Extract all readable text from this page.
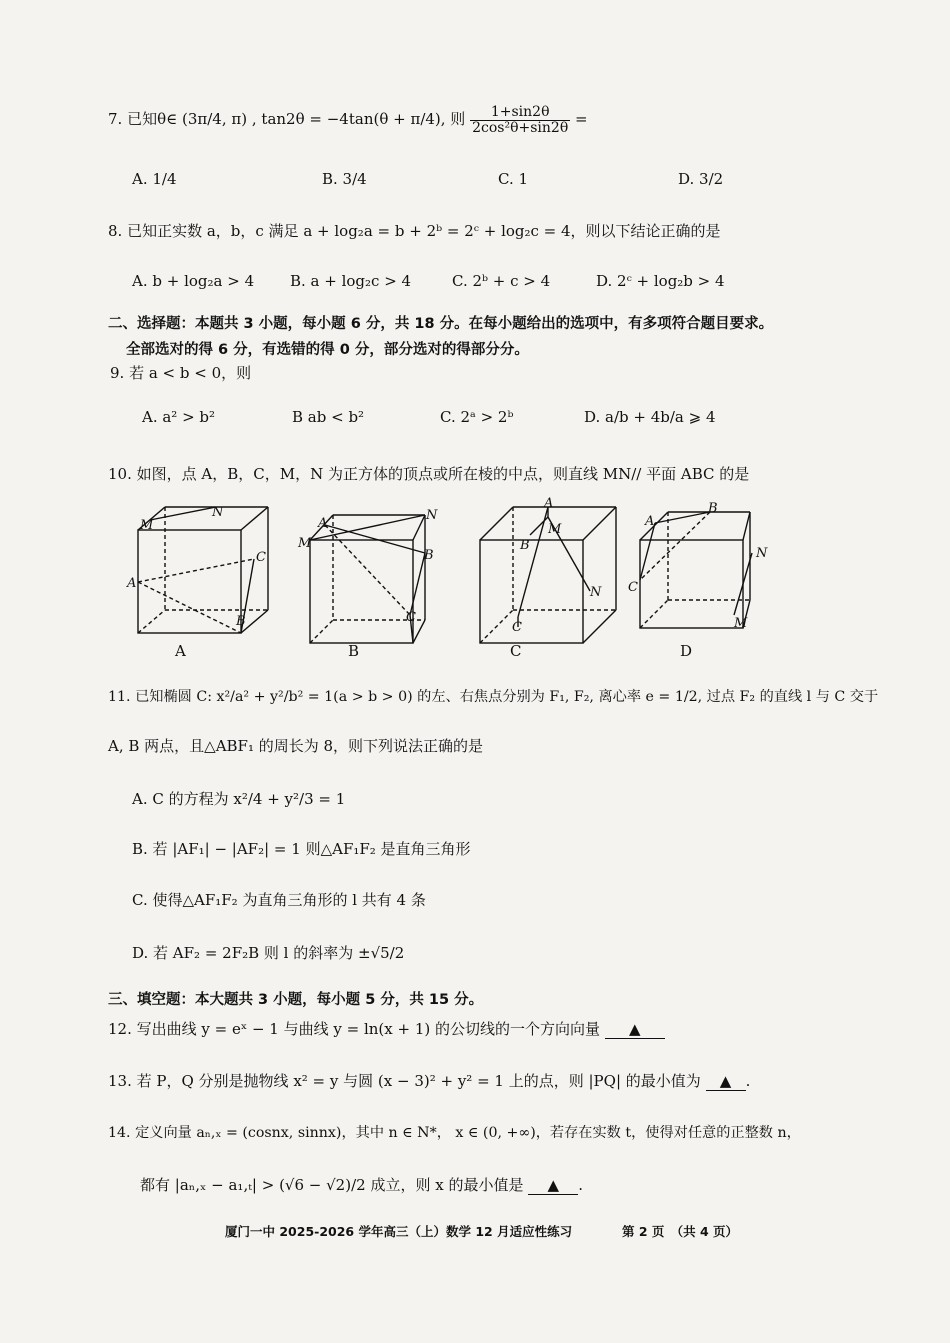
7. 已知θ∈ (3π/4, π) , tan2θ = −4tan(θ + π/4), 则 $\frac{1+\sin 2\theta}{\text{2cos²θ+sin2θ}}$ =
A. 1/4	B. 3/4	C. 1	D. 3/2
8. 已知正实数 a，b，c 满足 a + log₂a = b + 2ᵇ = 2ᶜ + log₂c = 4，则以下结论正确的是
A. b + log₂a > 4 B. a + log₂c > 4	C. 2ᵇ + c > 4	D. 2ᶜ + log₂b > 4
二、选择题：本题共 3 小题，每小题 6 分，共 18 分。在每小题给出的选项中，有多项符合题目要求。
全部选对的得 6 分，有选错的得 0 分，部分选对的得部分分。
9. 若 a < b < 0，则
A. a² > b²	B ab < b²	C. 2ᵃ > 2ᵇ	D. a/b + 4b/a ⩾ 4
10. 如图，点 A，B，C，M，N 为正方体的顶点或所在棱的中点，则直线 MN// 平面 ABC 的是
M
N
C
A
B
M
A
N
B
C
A
M
B
N
C
A
B
N
C
M
A	B	C	D
11. 已知椭圆 C: x²/a² + y²/b² = 1(a > b > 0) 的左、右焦点分别为 F₁, F₂, 离心率 e = 1/2, 过点 F₂ 的直线 l 与 C 交于
A, B 两点，且△ABF₁ 的周长为 8，则下列说法正确的是
A. C 的方程为 x²/4 + y²/3 = 1
B. 若 |AF₁| − |AF₂| = 1 则△AF₁F₂ 是直角三角形
C. 使得△AF₁F₂ 为直角三角形的 l 共有 4 条
D. 若 AF₂ = 2F₂B 则 l 的斜率为 ±√5/2
三、填空题：本大题共 3 小题，每小题 5 分，共 15 分。
12. 写出曲线 y = eˣ − 1 与曲线 y = ln(x + 1) 的公切线的一个方向向量 ▲
13. 若 P，Q 分别是抛物线 x² = y 与圆 (x − 3)² + y² = 1 上的点，则 |PQ| 的最小值为 ▲ .
14. 定义向量 aₙ,ₓ = (cosnx, sinnx)，其中 n ∈ N*， x ∈ (0, +∞)，若存在实数 t，使得对任意的正整数 n，
都有 |aₙ,ₓ − a₁,ₜ| > (√6 − √2)/2 成立，则 x 的最小值是 ▲ .
厦门一中 2025-2026 学年高三（上）数学 12 月适应性练习	第 2 页　（共 4 页）
